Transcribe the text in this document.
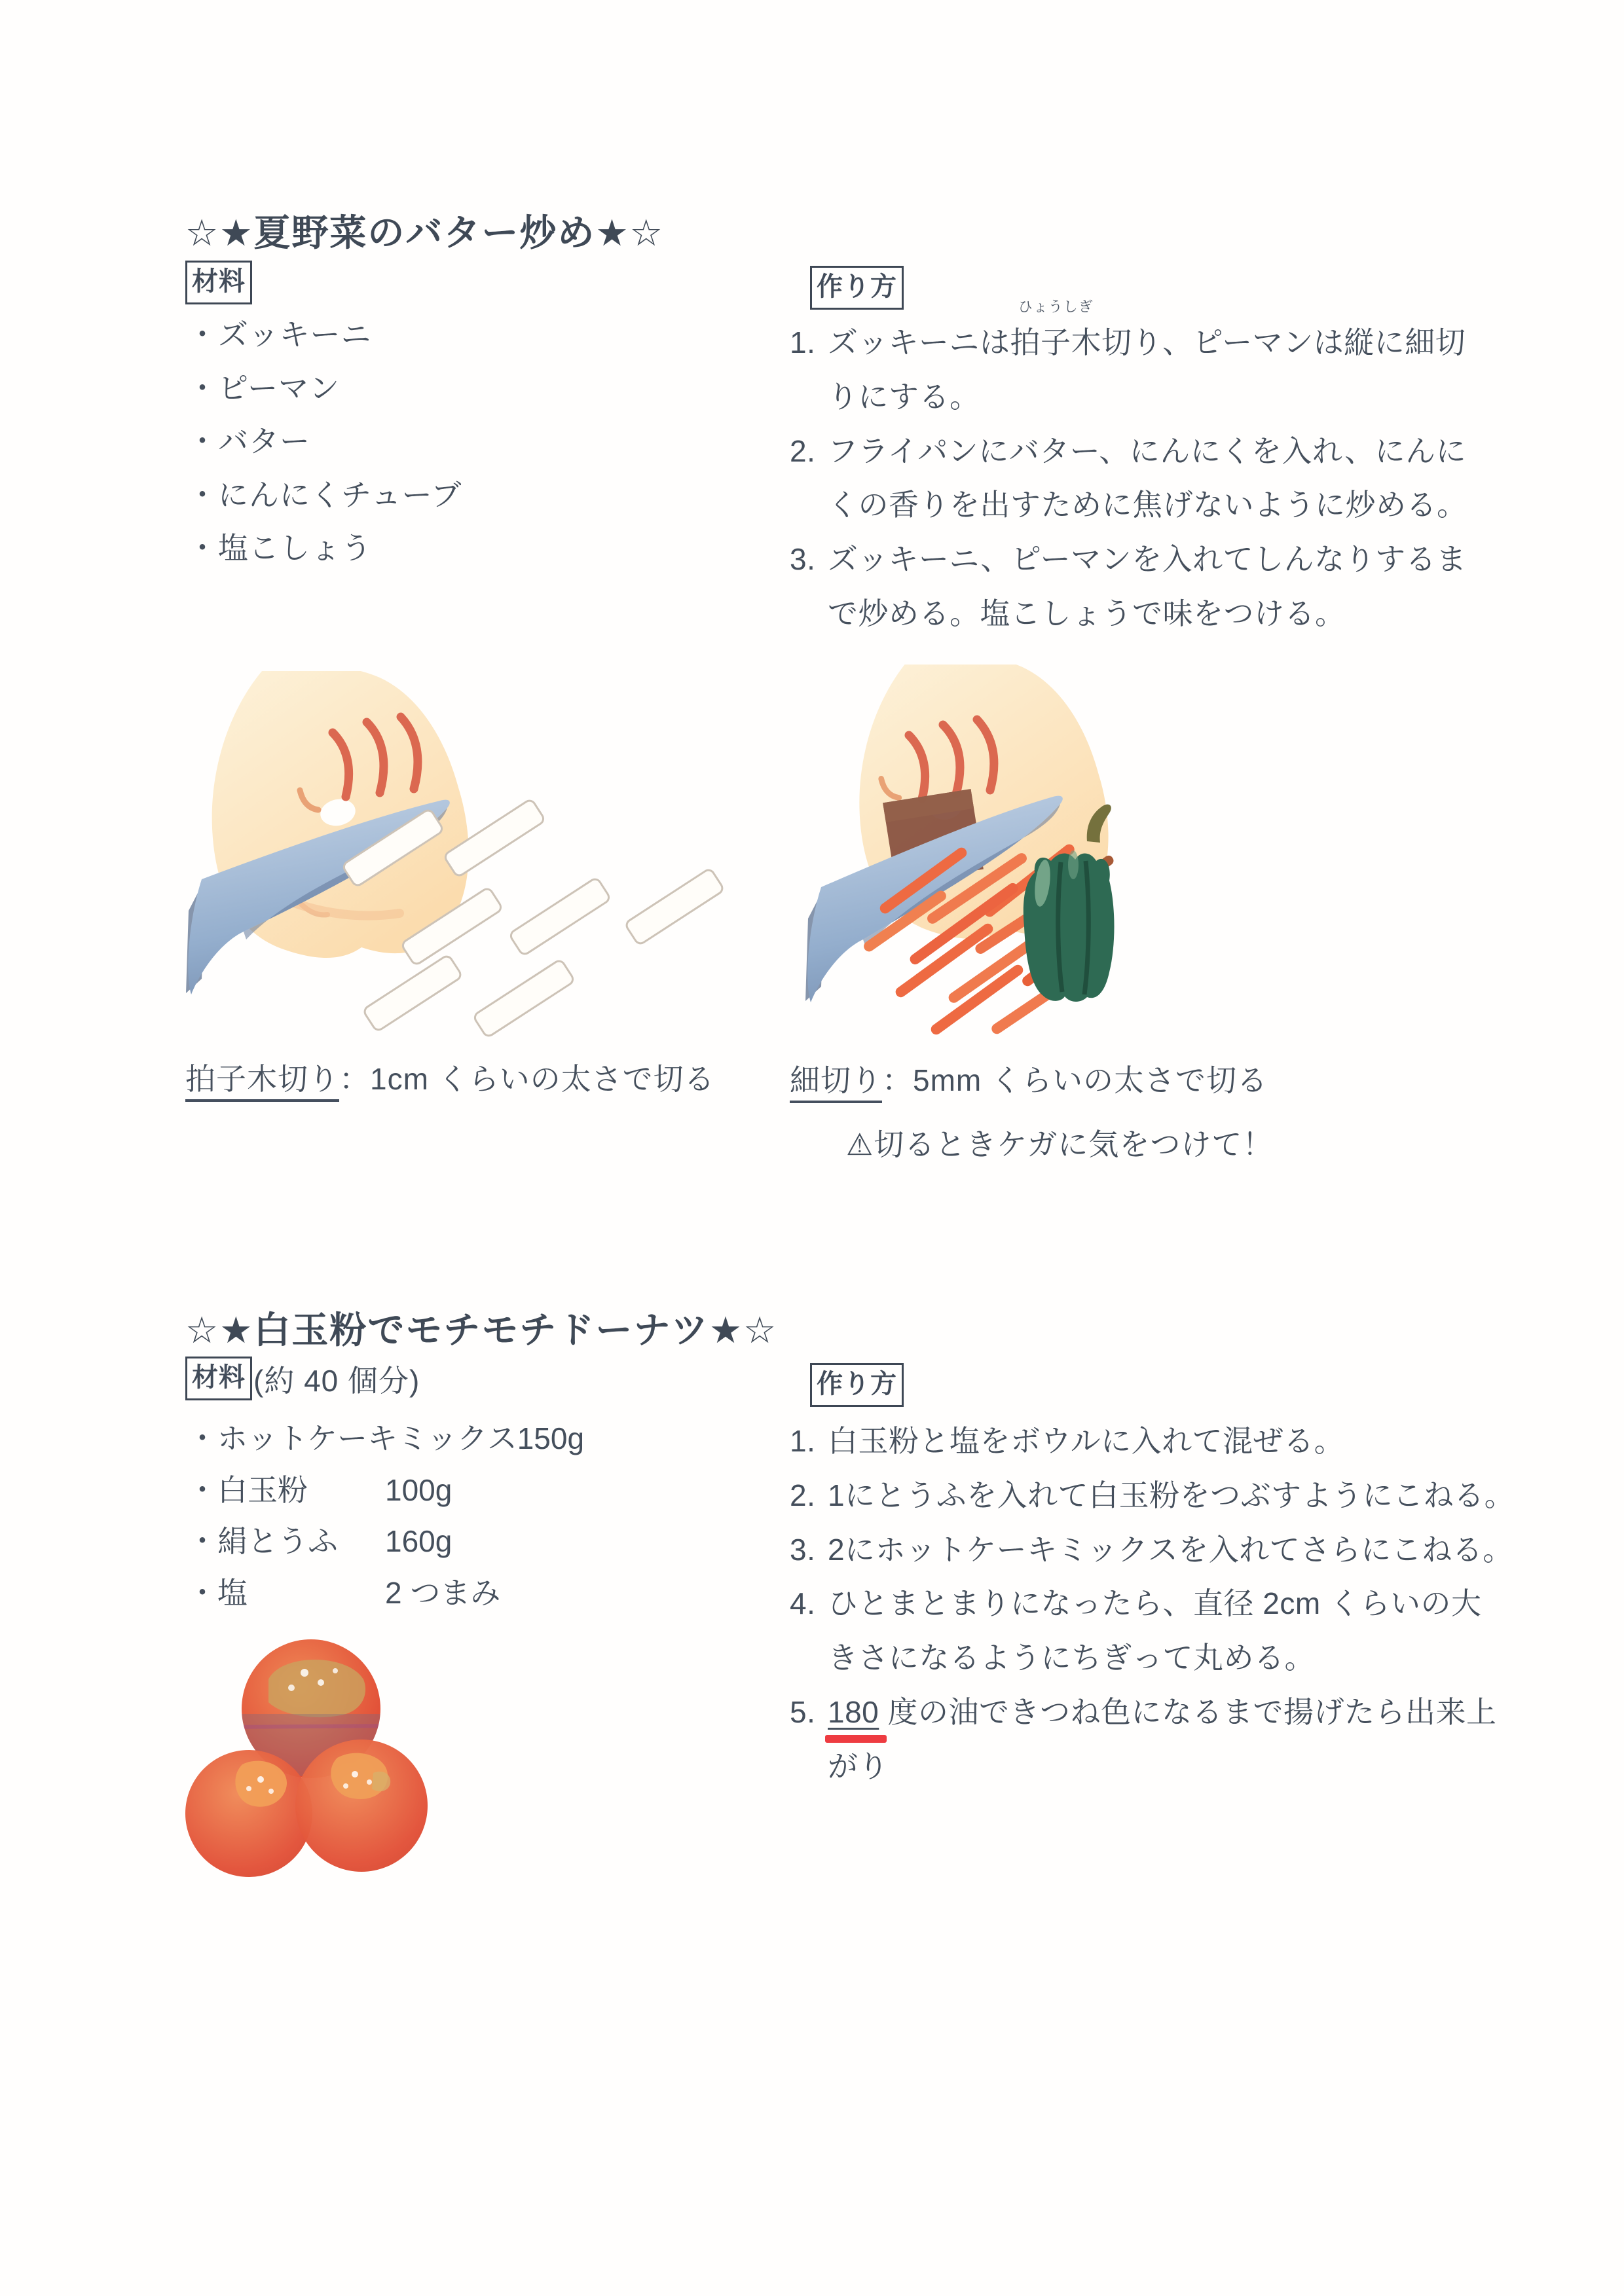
☆★夏野菜のバター炒め★☆
材料
・ズッキーニ
・ピーマン
・バター
・にんにくチューブ
・塩こしょう
作り方
1. ズッキーニは
ひょうしぎ
拍子木切り、ピーマンは縦に細切
りにする。
2. フライパンにバター、にんにくを入れ、にんに
くの香りを出すために焦げないように炒める。
3. ズッキーニ、ピーマンを入れてしんなりするま
で炒める。塩こしょうで味をつける。
拍子木切り：1cm くらいの太さで切る 細切り：5mm くらいの太さで切る
⚠切るときケガに気をつけて！
☆★白玉粉でモチモチドーナツ★☆
材料 (約 40 個分)
・ホットケーキミックス 150g
・白玉粉	100g
・絹とうふ	160g
・塩	2 つまみ
作り方
1. 白玉粉と塩をボウルに入れて混ぜる。
2. 1にとうふを入れて白玉粉をつぶすようにこねる。
3. 2にホットケーキミックスを入れてさらにこねる。
4. ひとまとまりになったら、直径 2cm くらいの大
きさになるようにちぎって丸める。
5. 180 度の油できつね色になるまで揚げたら出来上
がり
